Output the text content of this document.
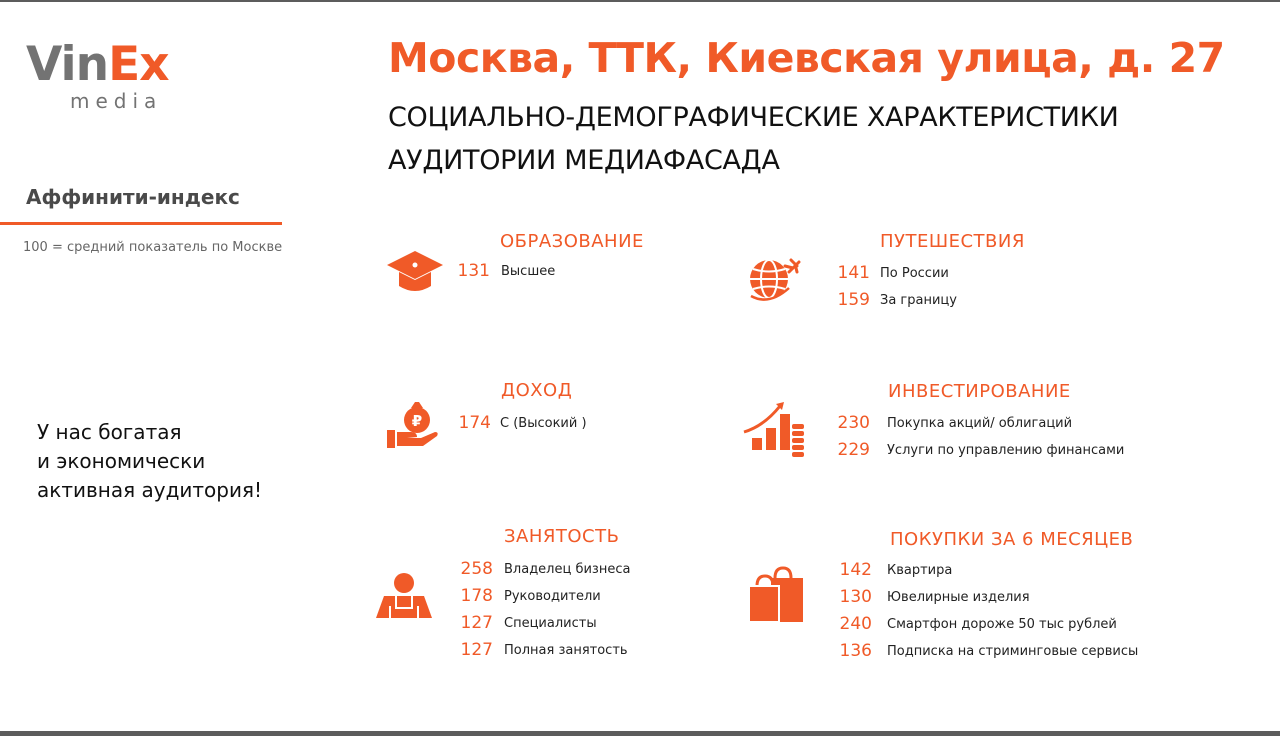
VinEx
media
Аффинити-индекс
100 = средний показатель по Москве
У нас богатая
и экономически
активная аудитория!
Москва, ТТК, Киевская улица, д. 27
СОЦИАЛЬНО-ДЕМОГРАФИЧЕСКИЕ ХАРАКТЕРИСТИКИ
АУДИТОРИИ МЕДИАФАСАДА
ОБРАЗОВАНИЕ
131 Высшее
ПУТЕШЕСТВИЯ
141 По России
159 За границу
ДОХОД
₽	174 С (Высокий )
ИНВЕСТИРОВАНИЕ
230 Покупка акций/ облигаций
229 Услуги по управлению финансами
ЗАНЯТОСТЬ
258 Владелец бизнеса
178 Руководители
127 Специалисты
127 Полная занятость
ПОКУПКИ ЗА 6 МЕСЯЦЕВ
142 Квартира
130 Ювелирные изделия
240 Смартфон дороже 50 тыс рублей
136 Подписка на стриминговые сервисы
